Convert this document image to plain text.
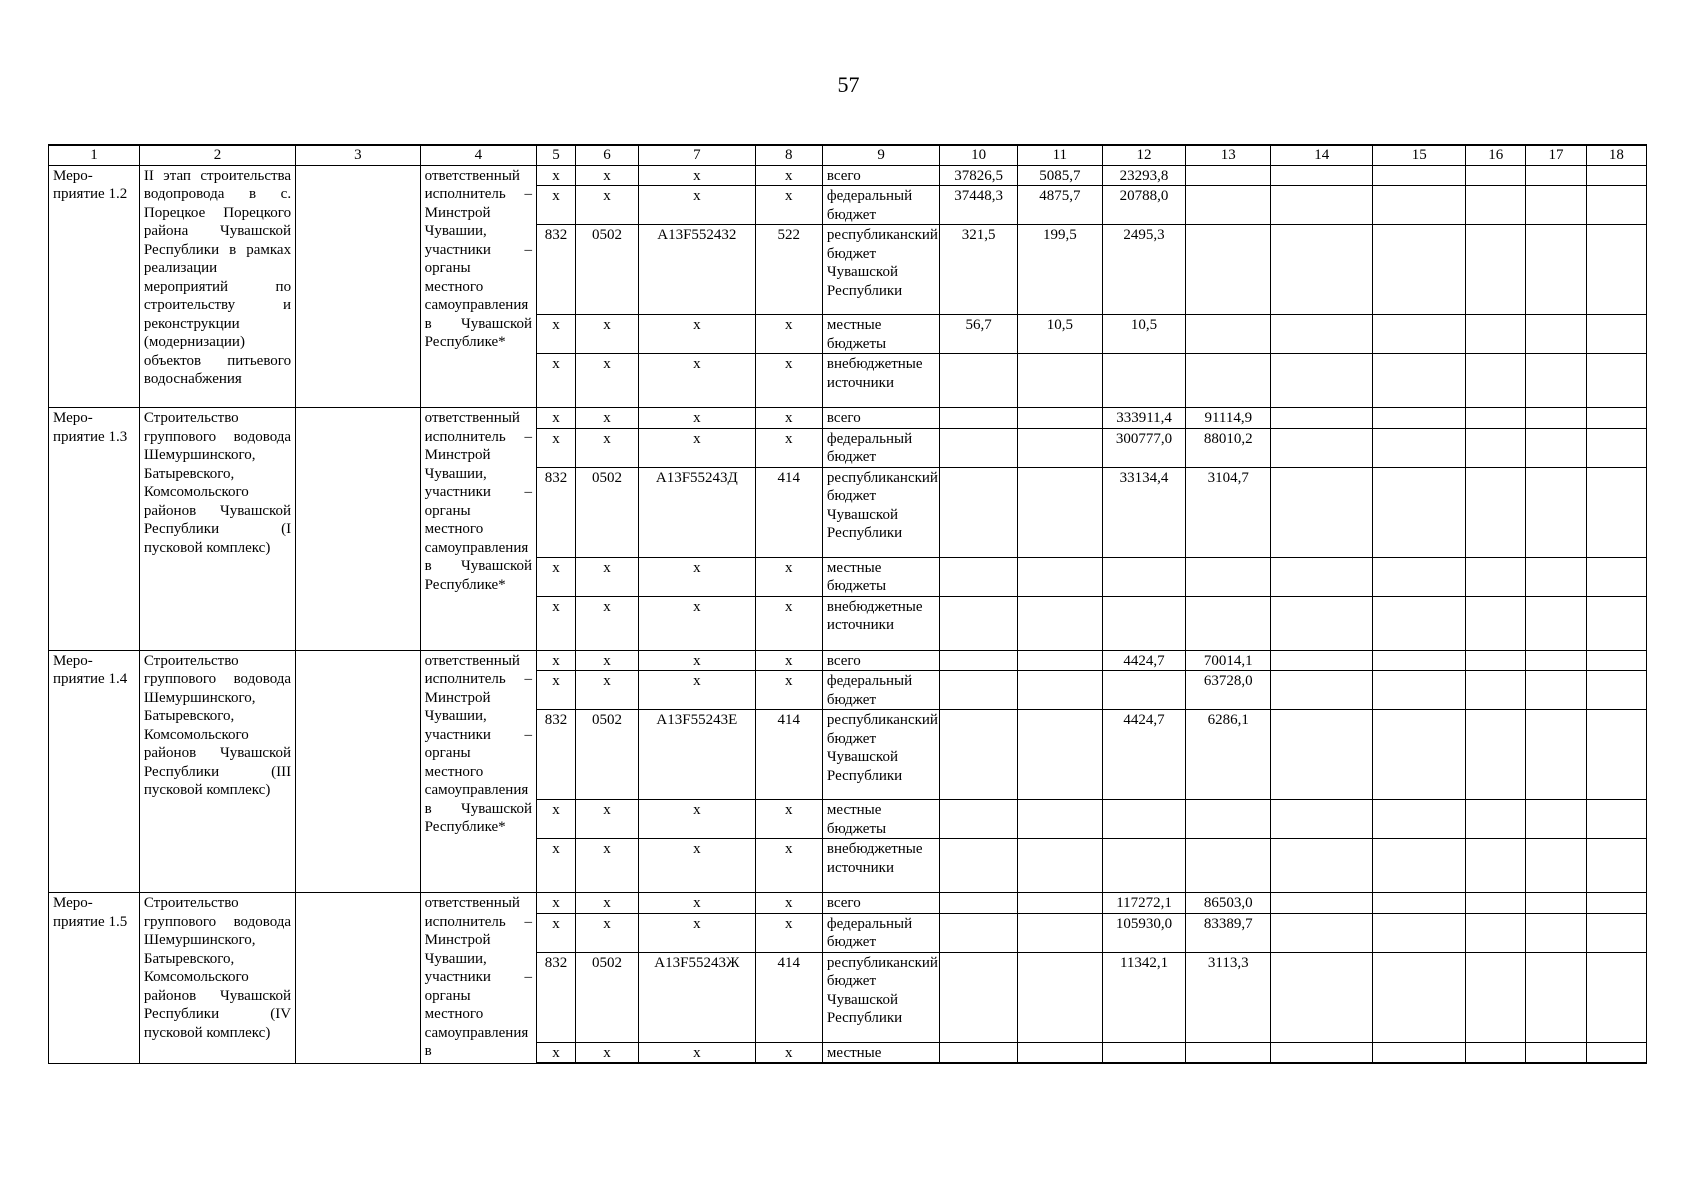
57
1	2	3	4	5	6	7	8	9	10	11	12	13	14	15	16	17	18
Меро-приятие 1.2	II этап строительства водопровода в с. Порецкое Порецкого района Чувашской Республики в рамках реализации мероприятий по строительству и реконструкции (модернизации) объектов питьевого водоснабжения		ответственный исполнитель – Минстрой Чувашии, участники – органы местного самоуправления в Чувашской Республике*	x	x	x	x	всего	37826,5	5085,7	23293,8						
				x	x	x	x	федеральный бюджет	37448,3	4875,7	20788,0						
				832	0502	А13F552432	522	республиканский бюджет Чувашской Республики	321,5	199,5	2495,3						
				x	x	x	x	местные бюджеты	56,7	10,5	10,5						
				x	x	x	x	внебюджетные источники									
Меро-приятие 1.3	Строительство группового водовода Шемуршинского, Батыревского, Комсомольского районов Чувашской Республики (I пусковой комплекс)		ответственный исполнитель – Минстрой Чувашии, участники – органы местного самоуправления в Чувашской Республике*	x	x	x	x	всего			333911,4	91114,9					
				x	x	x	x	федеральный бюджет			300777,0	88010,2					
				832	0502	А13F55243Д	414	республиканский бюджет Чувашской Республики			33134,4	3104,7					
				x	x	x	x	местные бюджеты									
				x	x	x	x	внебюджетные источники									
Меро-приятие 1.4	Строительство группового водовода Шемуршинского, Батыревского, Комсомольского районов Чувашской Республики (III пусковой комплекс)		ответственный исполнитель – Минстрой Чувашии, участники – органы местного самоуправления в Чувашской Республике*	x	x	x	x	всего			4424,7	70014,1					
				x	x	x	x	федеральный бюджет				63728,0					
				832	0502	А13F55243Е	414	республиканский бюджет Чувашской Республики			4424,7	6286,1					
				x	x	x	x	местные бюджеты									
				x	x	x	x	внебюджетные источники									
Меро-приятие 1.5	Строительство группового водовода Шемуршинского, Батыревского, Комсомольского районов Чувашской Республики (IV пусковой комплекс)		ответственный исполнитель – Минстрой Чувашии, участники – органы местного самоуправления в	x	x	x	x	всего			117272,1	86503,0					
				x	x	x	x	федеральный бюджет			105930,0	83389,7					
				832	0502	А13F55243Ж	414	республиканский бюджет Чувашской Республики			11342,1	3113,3					
				x	x	x	x	местные									
